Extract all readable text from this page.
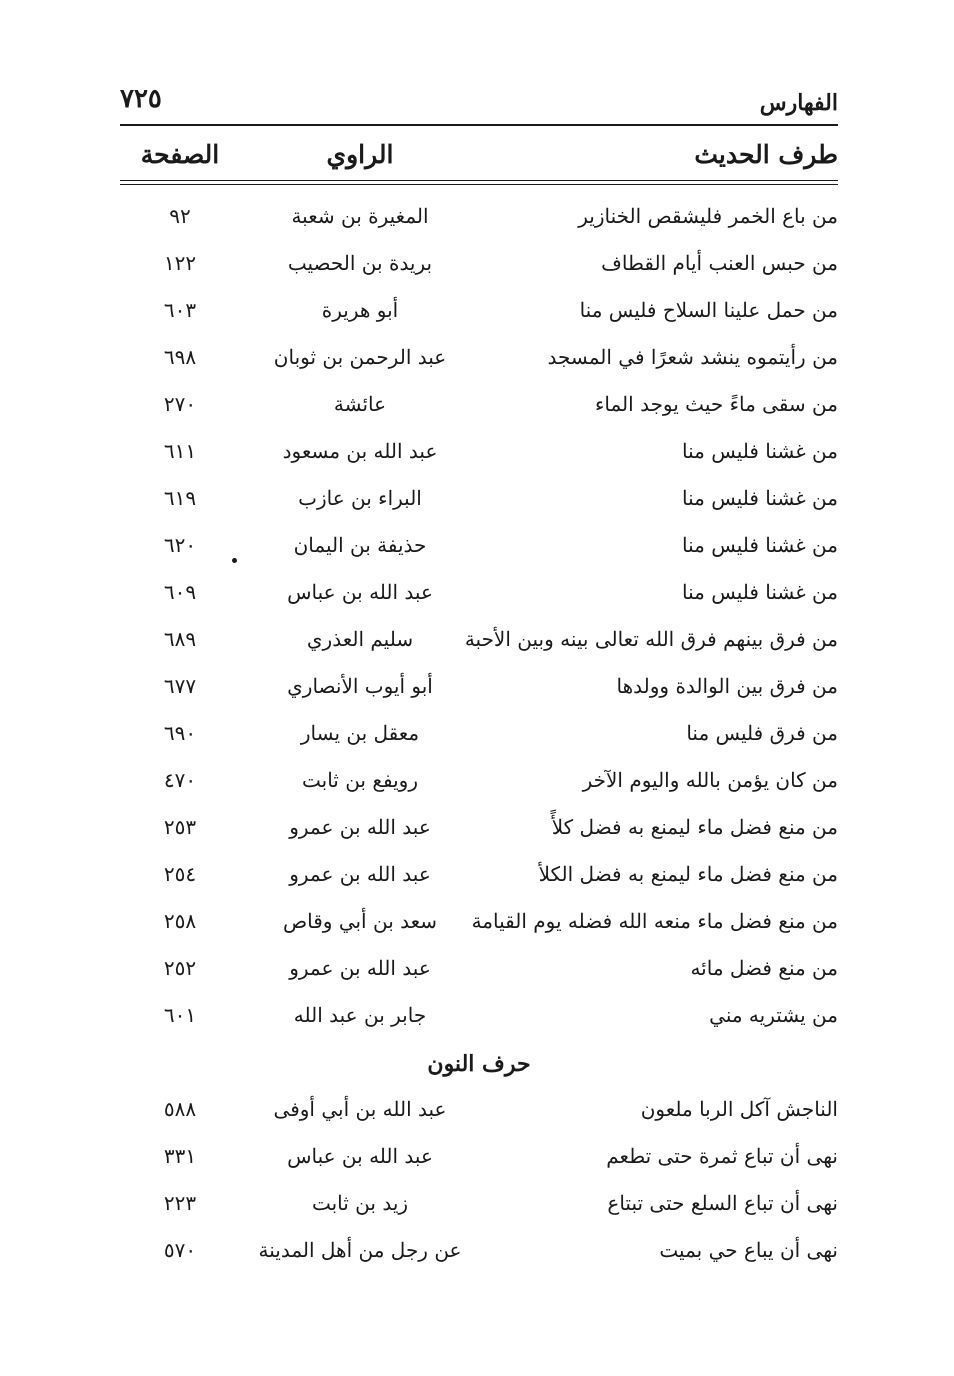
الفهارس
٧٢٥
طرف الحديث
الراوي
الصفحة
من باع الخمر فليشقص الخنازير
المغيرة بن شعبة
٩٢
من حبس العنب أيام القطاف
بريدة بن الحصيب
١٢٢
من حمل علينا السلاح فليس منا
أبو هريرة
٦٠٣
من رأيتموه ينشد شعرًا في المسجد
عبد الرحمن بن ثوبان
٦٩٨
من سقى ماءً حيث يوجد الماء
عائشة
٢٧٠
من غشنا فليس منا
عبد الله بن مسعود
٦١١
من غشنا فليس منا
البراء بن عازب
٦١٩
من غشنا فليس منا
حذيفة بن اليمان
٦٢٠
من غشنا فليس منا
عبد الله بن عباس
٦٠٩
من فرق بينهم فرق الله تعالى بينه وبين الأحبة
سليم العذري
٦٨٩
من فرق بين الوالدة وولدها
أبو أيوب الأنصاري
٦٧٧
من فرق فليس منا
معقل بن يسار
٦٩٠
من كان يؤمن بالله واليوم الآخر
رويفع بن ثابت
٤٧٠
من منع فضل ماء ليمنع به فضل كلأً
عبد الله بن عمرو
٢٥٣
من منع فضل ماء ليمنع به فضل الكلأ
عبد الله بن عمرو
٢٥٤
من منع فضل ماء منعه الله فضله يوم القيامة
سعد بن أبي وقاص
٢٥٨
من منع فضل مائه
عبد الله بن عمرو
٢٥٢
من يشتريه مني
جابر بن عبد الله
٦٠١
حرف النون
الناجش آكل الربا ملعون
عبد الله بن أبي أوفى
٥٨٨
نهى أن تباع ثمرة حتى تطعم
عبد الله بن عباس
٣٣١
نهى أن تباع السلع حتى تبتاع
زيد بن ثابت
٢٢٣
نهى أن يباع حي بميت
عن رجل من أهل المدينة
٥٧٠
